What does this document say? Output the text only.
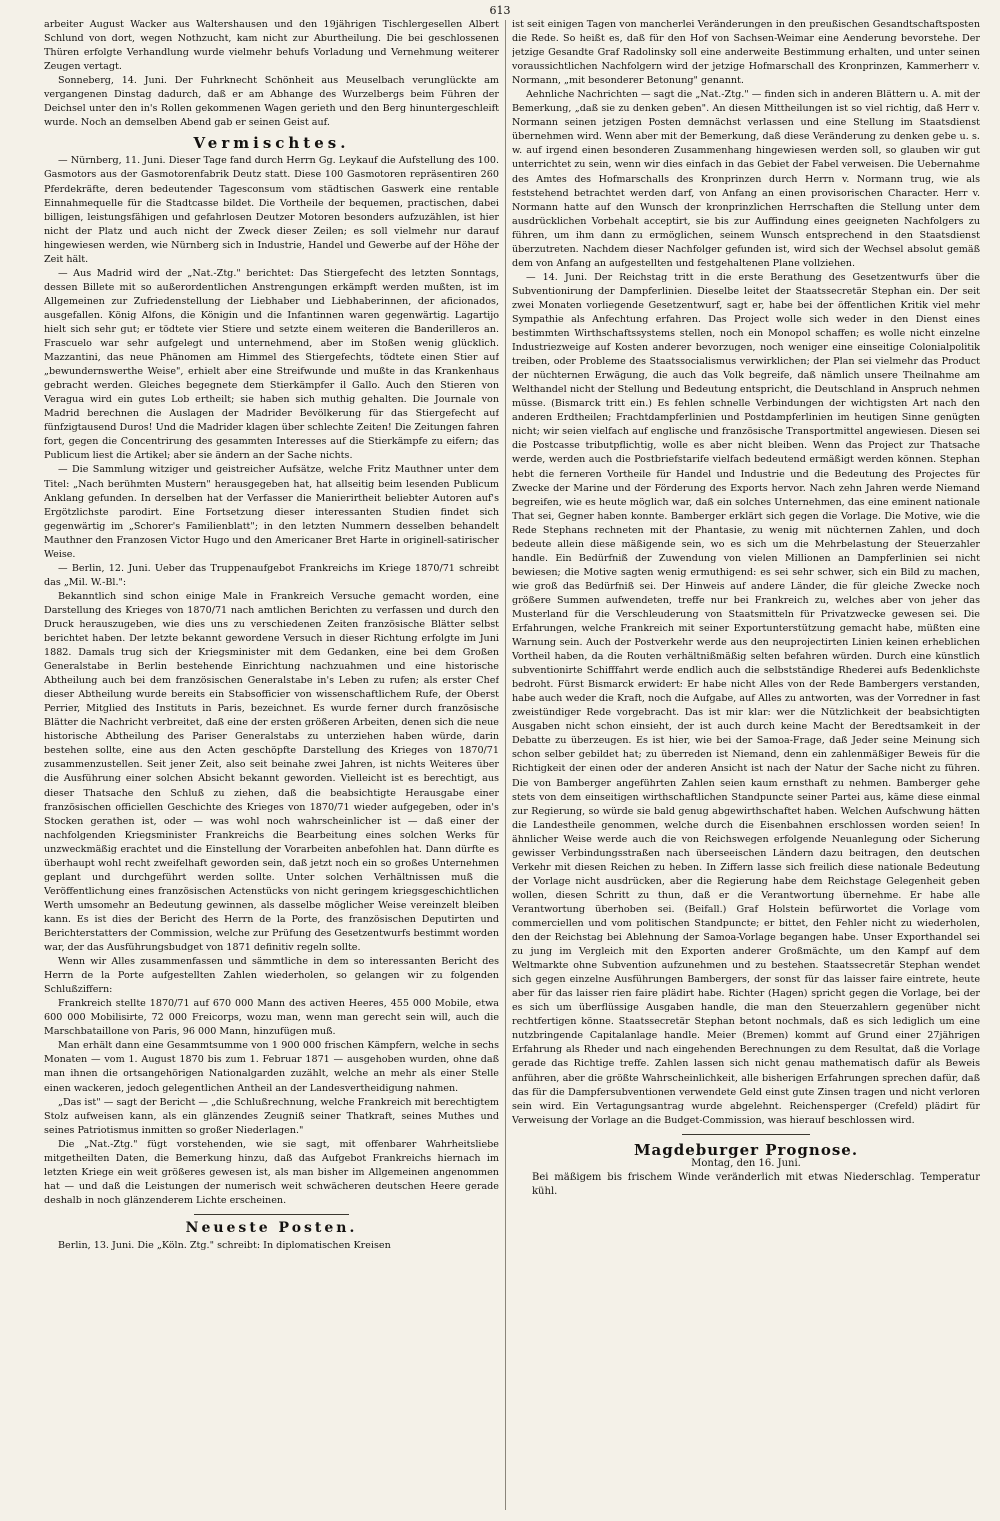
613

arbeiter August Wacker aus Waltershausen und den 19jährigen Tischlergesellen Albert Schlund von dort, wegen Nothzucht, kam nicht zur Aburtheilung. Die bei geschlossenen Thüren erfolgte Verhandlung wurde vielmehr behufs Vorladung und Vernehmung weiterer Zeugen vertagt.

Sonneberg, 14. Juni. Der Fuhrknecht Schönheit aus Meuselbach verunglückte am vergangenen Dinstag dadurch, daß er am Abhange des Wurzelbergs beim Führen der Deichsel unter den in's Rollen gekommenen Wagen gerieth und den Berg hinuntergeschleift wurde. Noch an demselben Abend gab er seinen Geist auf.

Vermischtes.

— Nürnberg, 11. Juni. Dieser Tage fand durch Herrn Gg. Leykauf die Aufstellung des 100. Gasmotors aus der Gasmotorenfabrik Deutz statt. Diese 100 Gasmotoren repräsentiren 260 Pferdekräfte, deren bedeutender Tagesconsum vom städtischen Gaswerk eine rentable Einnahmequelle für die Stadtcasse bildet. Die Vortheile der bequemen, practischen, dabei billigen, leistungsfähigen und gefahrlosen Deutzer Motoren besonders aufzuzählen, ist hier nicht der Platz und auch nicht der Zweck dieser Zeilen; es soll vielmehr nur darauf hingewiesen werden, wie Nürnberg sich in Industrie, Handel und Gewerbe auf der Höhe der Zeit hält.

— Aus Madrid wird der „Nat.-Ztg." berichtet: Das Stiergefecht des letzten Sonntags, dessen Billete mit so außerordentlichen Anstrengungen erkämpft werden mußten, ist im Allgemeinen zur Zufriedenstellung der Liebhaber und Liebhaberinnen, der aficionados, ausgefallen. König Alfons, die Königin und die Infantinnen waren gegenwärtig. Lagartijo hielt sich sehr gut; er tödtete vier Stiere und setzte einem weiteren die Banderilleros an. Frascuelo war sehr aufgelegt und unternehmend, aber im Stoßen wenig glücklich. Mazzantini, das neue Phänomen am Himmel des Stiergefechts, tödtete einen Stier auf „bewundernswerthe Weise", erhielt aber eine Streifwunde und mußte in das Krankenhaus gebracht werden. Gleiches begegnete dem Stierkämpfer il Gallo. Auch den Stieren von Veragua wird ein gutes Lob ertheilt; sie haben sich muthig gehalten. Die Journale von Madrid berechnen die Auslagen der Madrider Bevölkerung für das Stiergefecht auf fünfzigtausend Duros! Und die Madrider klagen über schlechte Zeiten! Die Zeitungen fahren fort, gegen die Concentrirung des gesammten Interesses auf die Stierkämpfe zu eifern; das Publicum liest die Artikel; aber sie ändern an der Sache nichts.

— Die Sammlung witziger und geistreicher Aufsätze, welche Fritz Mauthner unter dem Titel: „Nach berühmten Mustern" herausgegeben hat, hat allseitig beim lesenden Publicum Anklang gefunden. In derselben hat der Verfasser die Manierirtheit beliebter Autoren auf's Ergötzlichste parodirt. Eine Fortsetzung dieser interessanten Studien findet sich gegenwärtig im „Schorer's Familienblatt"; in den letzten Nummern desselben behandelt Mauthner den Franzosen Victor Hugo und den Americaner Bret Harte in originell-satirischer Weise.

— Berlin, 12. Juni. Ueber das Truppenaufgebot Frankreichs im Kriege 1870/71 schreibt das „Mil. W.-Bl.":

Bekanntlich sind schon einige Male in Frankreich Versuche gemacht worden, eine Darstellung des Krieges von 1870/71 nach amtlichen Berichten zu verfassen und durch den Druck herauszugeben, wie dies uns zu verschiedenen Zeiten französische Blätter selbst berichtet haben. Der letzte bekannt gewordene Versuch in dieser Richtung erfolgte im Juni 1882. Damals trug sich der Kriegsminister mit dem Gedanken, eine bei dem Großen Generalstabe in Berlin bestehende Einrichtung nachzuahmen und eine historische Abtheilung auch bei dem französischen Generalstabe in's Leben zu rufen; als erster Chef dieser Abtheilung wurde bereits ein Stabsofficier von wissenschaftlichem Rufe, der Oberst Perrier, Mitglied des Instituts in Paris, bezeichnet. Es wurde ferner durch französische Blätter die Nachricht verbreitet, daß eine der ersten größeren Arbeiten, denen sich die neue historische Abtheilung des Pariser Generalstabs zu unterziehen haben würde, darin bestehen sollte, eine aus den Acten geschöpfte Darstellung des Krieges von 1870/71 zusammenzustellen. Seit jener Zeit, also seit beinahe zwei Jahren, ist nichts Weiteres über die Ausführung einer solchen Absicht bekannt geworden. Vielleicht ist es berechtigt, aus dieser Thatsache den Schluß zu ziehen, daß die beabsichtigte Herausgabe einer französischen officiellen Geschichte des Krieges von 1870/71 wieder aufgegeben, oder in's Stocken gerathen ist, oder — was wohl noch wahrscheinlicher ist — daß einer der nachfolgenden Kriegsminister Frankreichs die Bearbeitung eines solchen Werks für unzweckmäßig erachtet und die Einstellung der Vorarbeiten anbefohlen hat. Dann dürfte es überhaupt wohl recht zweifelhaft geworden sein, daß jetzt noch ein so großes Unternehmen geplant und durchgeführt werden sollte. Unter solchen Verhältnissen muß die Veröffentlichung eines französischen Actenstücks von nicht geringem kriegsgeschichtlichen Werth umsomehr an Bedeutung gewinnen, als dasselbe möglicher Weise vereinzelt bleiben kann. Es ist dies der Bericht des Herrn de la Porte, des französischen Deputirten und Berichterstatters der Commission, welche zur Prüfung des Gesetzentwurfs bestimmt worden war, der das Ausführungsbudget von 1871 definitiv regeln sollte.

Wenn wir Alles zusammenfassen und sämmtliche in dem so interessanten Bericht des Herrn de la Porte aufgestellten Zahlen wiederholen, so gelangen wir zu folgenden Schlußziffern:

Frankreich stellte 1870/71 auf 670 000 Mann des activen Heeres, 455 000 Mobile, etwa 600 000 Mobilisirte, 72 000 Freicorps, wozu man, wenn man gerecht sein will, auch die Marschbataillone von Paris, 96 000 Mann, hinzufügen muß.

Man erhält dann eine Gesammtsumme von 1 900 000 frischen Kämpfern, welche in sechs Monaten — vom 1. August 1870 bis zum 1. Februar 1871 — ausgehoben wurden, ohne daß man ihnen die ortsangehörigen Nationalgarden zuzählt, welche an mehr als einer Stelle einen wackeren, jedoch gelegentlichen Antheil an der Landesvertheidigung nahmen.

„Das ist" — sagt der Bericht — „die Schlußrechnung, welche Frankreich mit berechtigtem Stolz aufweisen kann, als ein glänzendes Zeugniß seiner Thatkraft, seines Muthes und seines Patriotismus inmitten so großer Niederlagen."

Die „Nat.-Ztg." fügt vorstehenden, wie sie sagt, mit offenbarer Wahrheitsliebe mitgetheilten Daten, die Bemerkung hinzu, daß das Aufgebot Frankreichs hiernach im letzten Kriege ein weit größeres gewesen ist, als man bisher im Allgemeinen angenommen hat — und daß die Leistungen der numerisch weit schwächeren deutschen Heere gerade deshalb in noch glänzenderem Lichte erscheinen.

Neueste Posten.

Berlin, 13. Juni. Die „Köln. Ztg." schreibt: In diplomatischen Kreisen

ist seit einigen Tagen von mancherlei Veränderungen in den preußischen Gesandtschaftsposten die Rede. So heißt es, daß für den Hof von Sachsen-Weimar eine Aenderung bevorstehe. Der jetzige Gesandte Graf Radolinsky soll eine anderweite Bestimmung erhalten, und unter seinen voraussichtlichen Nachfolgern wird der jetzige Hofmarschall des Kronprinzen, Kammerherr v. Normann, „mit besonderer Betonung" genannt.

Aehnliche Nachrichten — sagt die „Nat.-Ztg." — finden sich in anderen Blättern u. A. mit der Bemerkung, „daß sie zu denken geben". An diesen Mittheilungen ist so viel richtig, daß Herr v. Normann seinen jetzigen Posten demnächst verlassen und eine Stellung im Staatsdienst übernehmen wird. Wenn aber mit der Bemerkung, daß diese Veränderung zu denken gebe u. s. w. auf irgend einen besonderen Zusammenhang hingewiesen werden soll, so glauben wir gut unterrichtet zu sein, wenn wir dies einfach in das Gebiet der Fabel verweisen. Die Uebernahme des Amtes des Hofmarschalls des Kronprinzen durch Herrn v. Normann trug, wie als feststehend betrachtet werden darf, von Anfang an einen provisorischen Character. Herr v. Normann hatte auf den Wunsch der kronprinzlichen Herrschaften die Stellung unter dem ausdrücklichen Vorbehalt acceptirt, sie bis zur Auffindung eines geeigneten Nachfolgers zu führen, um ihm dann zu ermöglichen, seinem Wunsch entsprechend in den Staatsdienst überzutreten. Nachdem dieser Nachfolger gefunden ist, wird sich der Wechsel absolut gemäß dem von Anfang an aufgestellten und festgehaltenen Plane vollziehen.

— 14. Juni. Der Reichstag tritt in die erste Berathung des Gesetzentwurfs über die Subventionirung der Dampferlinien. Dieselbe leitet der Staatssecretär Stephan ein. Der seit zwei Monaten vorliegende Gesetzentwurf, sagt er, habe bei der öffentlichen Kritik viel mehr Sympathie als Anfechtung erfahren. Das Project wolle sich weder in den Dienst eines bestimmten Wirthschaftssystems stellen, noch ein Monopol schaffen; es wolle nicht einzelne Industriezweige auf Kosten anderer bevorzugen, noch weniger eine einseitige Colonialpolitik treiben, oder Probleme des Staatssocialismus verwirklichen; der Plan sei vielmehr das Product der nüchternen Erwägung, die auch das Volk begreife, daß nämlich unsere Theilnahme am Welthandel nicht der Stellung und Bedeutung entspricht, die Deutschland in Anspruch nehmen müsse. (Bismarck tritt ein.) Es fehlen schnelle Verbindungen der wichtigsten Art nach den anderen Erdtheilen; Frachtdampferlinien und Postdampferlinien im heutigen Sinne genügten nicht; wir seien vielfach auf englische und französische Transportmittel angewiesen. Diesen sei die Postcasse tributpflichtig, wolle es aber nicht bleiben. Wenn das Project zur Thatsache werde, werden auch die Postbriefstarife vielfach bedeutend ermäßigt werden können. Stephan hebt die ferneren Vortheile für Handel und Industrie und die Bedeutung des Projectes für Zwecke der Marine und der Förderung des Exports hervor. Nach zehn Jahren werde Niemand begreifen, wie es heute möglich war, daß ein solches Unternehmen, das eine eminent nationale That sei, Gegner haben konnte. Bamberger erklärt sich gegen die Vorlage. Die Motive, wie die Rede Stephans rechneten mit der Phantasie, zu wenig mit nüchternen Zahlen, und doch bedeute allein diese mäßigende sein, wo es sich um die Mehrbelastung der Steuerzahler handle. Ein Bedürfniß der Zuwendung von vielen Millionen an Dampferlinien sei nicht bewiesen; die Motive sagten wenig ermuthigend: es sei sehr schwer, sich ein Bild zu machen, wie groß das Bedürfniß sei. Der Hinweis auf andere Länder, die für gleiche Zwecke noch größere Summen aufwendeten, treffe nur bei Frankreich zu, welches aber von jeher das Musterland für die Verschleuderung von Staatsmitteln für Privatzwecke gewesen sei. Die Erfahrungen, welche Frankreich mit seiner Exportunterstützung gemacht habe, müßten eine Warnung sein. Auch der Postverkehr werde aus den neuprojectirten Linien keinen erheblichen Vortheil haben, da die Routen verhältnißmäßig selten befahren würden. Durch eine künstlich subventionirte Schifffahrt werde endlich auch die selbstständige Rhederei aufs Bedenklichste bedroht. Fürst Bismarck erwidert: Er habe nicht Alles von der Rede Bambergers verstanden, habe auch weder die Kraft, noch die Aufgabe, auf Alles zu antworten, was der Vorredner in fast zweistündiger Rede vorgebracht. Das ist mir klar: wer die Nützlichkeit der beabsichtigten Ausgaben nicht schon einsieht, der ist auch durch keine Macht der Beredtsamkeit in der Debatte zu überzeugen. Es ist hier, wie bei der Samoa-Frage, daß Jeder seine Meinung sich schon selber gebildet hat; zu überreden ist Niemand, denn ein zahlenmäßiger Beweis für die Richtigkeit der einen oder der anderen Ansicht ist nach der Natur der Sache nicht zu führen. Die von Bamberger angeführten Zahlen seien kaum ernsthaft zu nehmen. Bamberger gehe stets von dem einseitigen wirthschaftlichen Standpuncte seiner Partei aus, käme diese einmal zur Regierung, so würde sie bald genug abgewirthschaftet haben. Welchen Aufschwung hätten die Landestheile genommen, welche durch die Eisenbahnen erschlossen worden seien! In ähnlicher Weise werde auch die von Reichswegen erfolgende Neuanlegung oder Sicherung gewisser Verbindungsstraßen nach überseeischen Ländern dazu beitragen, den deutschen Verkehr mit diesen Reichen zu heben. In Ziffern lasse sich freilich diese nationale Bedeutung der Vorlage nicht ausdrücken, aber die Regierung habe dem Reichstage Gelegenheit geben wollen, diesen Schritt zu thun, daß er die Verantwortung übernehme. Er habe alle Verantwortung überhoben sei. (Beifall.) Graf Holstein befürwortet die Vorlage vom commerciellen und vom politischen Standpuncte; er bittet, den Fehler nicht zu wiederholen, den der Reichstag bei Ablehnung der Samoa-Vorlage begangen habe. Unser Exporthandel sei zu jung im Vergleich mit den Exporten anderer Großmächte, um den Kampf auf dem Weltmarkte ohne Subvention aufzunehmen und zu bestehen. Staatssecretär Stephan wendet sich gegen einzelne Ausführungen Bambergers, der sonst für das laisser faire eintrete, heute aber für das laisser rien faire plädirt habe. Richter (Hagen) spricht gegen die Vorlage, bei der es sich um überflüssige Ausgaben handle, die man den Steuerzahlern gegenüber nicht rechtfertigen könne. Staatssecretär Stephan betont nochmals, daß es sich lediglich um eine nutzbringende Capitalanlage handle. Meier (Bremen) kommt auf Grund einer 27jährigen Erfahrung als Rheder und nach eingehenden Berechnungen zu dem Resultat, daß die Vorlage gerade das Richtige treffe. Zahlen lassen sich nicht genau mathematisch dafür als Beweis anführen, aber die größte Wahrscheinlichkeit, alle bisherigen Erfahrungen sprechen dafür, daß das für die Dampfersubventionen verwendete Geld einst gute Zinsen tragen und nicht verloren sein wird. Ein Vertagungsantrag wurde abgelehnt. Reichensperger (Crefeld) plädirt für Verweisung der Vorlage an die Budget-Commission, was hierauf beschlossen wird.

Magdeburger Prognose.

Montag, den 16. Juni.

Bei mäßigem bis frischem Winde veränderlich mit etwas Niederschlag. Temperatur kühl.
